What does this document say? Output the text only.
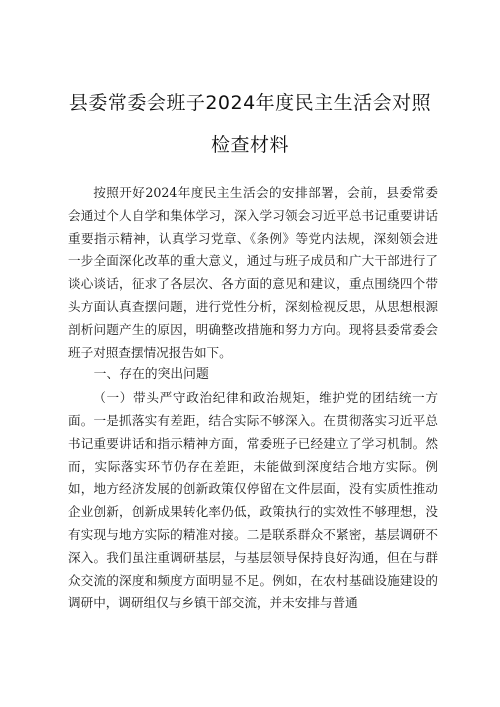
县委常委会班子2024年度民主生活会对照
检查材料

按照开好2024年度民主生活会的安排部署，会前，县委常委会通过个人自学和集体学习，深入学习领会习近平总书记重要讲话重要指示精神，认真学习党章、《条例》等党内法规，深刻领会进一步全面深化改革的重大意义，通过与班子成员和广大干部进行了谈心谈话，征求了各层次、各方面的意见和建议，重点围绕四个带头方面认真查摆问题，进行党性分析，深刻检视反思，从思想根源剖析问题产生的原因，明确整改措施和努力方向。现将县委常委会班子对照查摆情况报告如下。

一、存在的突出问题

（一）带头严守政治纪律和政治规矩，维护党的团结统一方面。一是抓落实有差距，结合实际不够深入。在贯彻落实习近平总书记重要讲话和指示精神方面，常委班子已经建立了学习机制。然而，实际落实环节仍存在差距，未能做到深度结合地方实际。例如，地方经济发展的创新政策仅停留在文件层面，没有实质性推动企业创新，创新成果转化率仍低，政策执行的实效性不够理想，没有实现与地方实际的精准对接。二是联系群众不紧密，基层调研不深入。我们虽注重调研基层，与基层领导保持良好沟通，但在与群众交流的深度和频度方面明显不足。例如，在农村基础设施建设的调研中，调研组仅与乡镇干部交流，并未安排与普通
